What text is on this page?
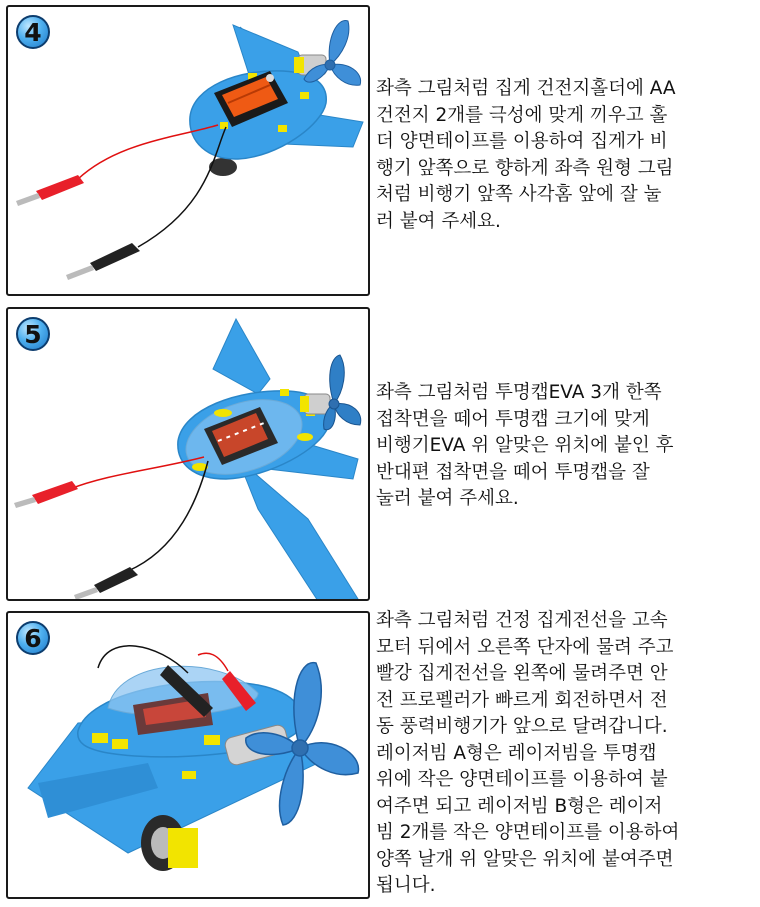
4
좌측 그림처럼 집게 건전지홀더에 AA
건전지 2개를 극성에 맞게 끼우고 홀
더 양면테이프를 이용하여 집게가 비
행기 앞쪽으로 향하게 좌측 원형 그림
처럼 비행기 앞쪽 사각홈 앞에 잘 눌
러 붙여 주세요.
5
좌측 그림처럼 투명캡EVA 3개 한쪽
접착면을 떼어 투명캡 크기에 맞게
비행기EVA 위 알맞은 위치에 붙인 후
반대편 접착면을 떼어 투명캡을 잘
눌러 붙여 주세요.
6
좌측 그림처럼 건정 집게전선을 고속
모터 뒤에서 오른쪽 단자에 물려 주고
빨강 집게전선을 왼쪽에 물려주면 안
전 프로펠러가 빠르게 회전하면서 전
동 풍력비행기가 앞으로 달려갑니다.
레이저빔 A형은 레이저빔을 투명캡
위에 작은 양면테이프를 이용하여 붙
여주면 되고 레이저빔 B형은 레이저
빔 2개를 작은 양면테이프를 이용하여
양쪽 날개 위 알맞은 위치에 붙여주면
됩니다.
